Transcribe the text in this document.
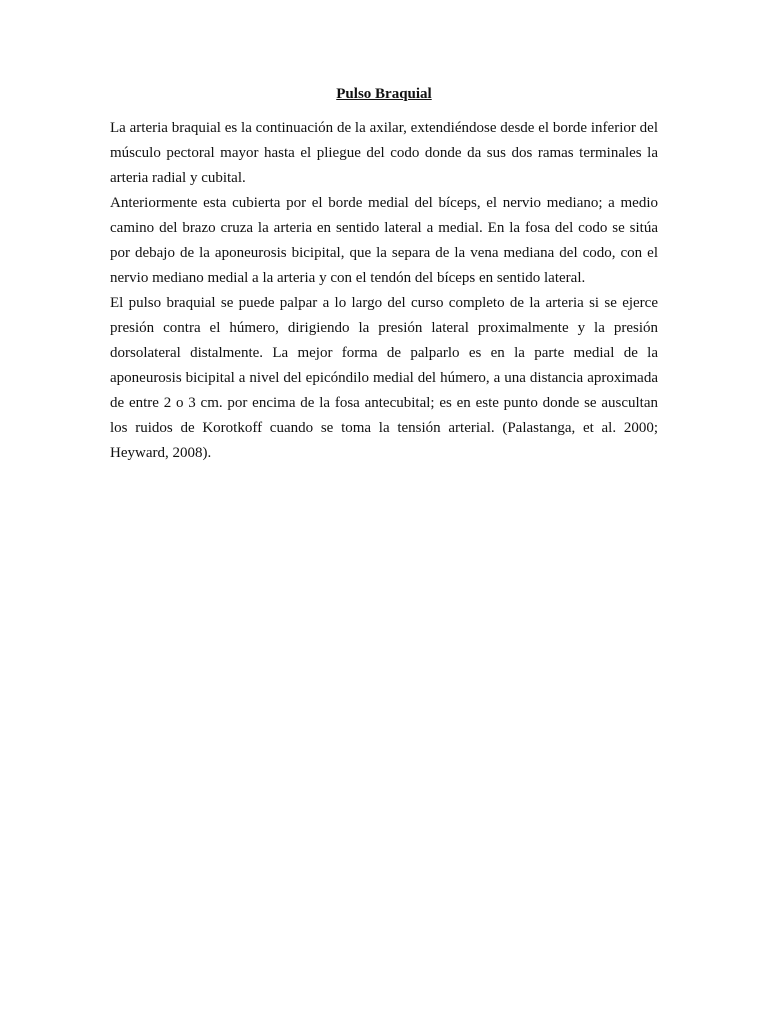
Pulso Braquial

La arteria braquial es la continuación de la axilar, extendiéndose desde el borde inferior del músculo pectoral mayor hasta el pliegue del codo donde da sus dos ramas terminales la arteria radial y cubital.

Anteriormente esta cubierta por el borde medial del bíceps, el nervio mediano; a medio camino del brazo cruza la arteria en sentido lateral a medial. En la fosa del codo se sitúa por debajo de la aponeurosis bicipital, que la separa de la vena mediana del codo, con el nervio mediano medial a la arteria y con el tendón del bíceps en sentido lateral.

El pulso braquial se puede palpar a lo largo del curso completo de la arteria si se ejerce presión contra el húmero, dirigiendo la presión lateral proximalmente y la presión dorsolateral distalmente. La mejor forma de palparlo es en la parte medial de la aponeurosis bicipital a nivel del epicóndilo medial del húmero, a una distancia aproximada de entre 2 o 3 cm. por encima de la fosa antecubital; es en este punto donde se auscultan los ruidos de Korotkoff cuando se toma la tensión arterial. (Palastanga, et al. 2000; Heyward, 2008).
